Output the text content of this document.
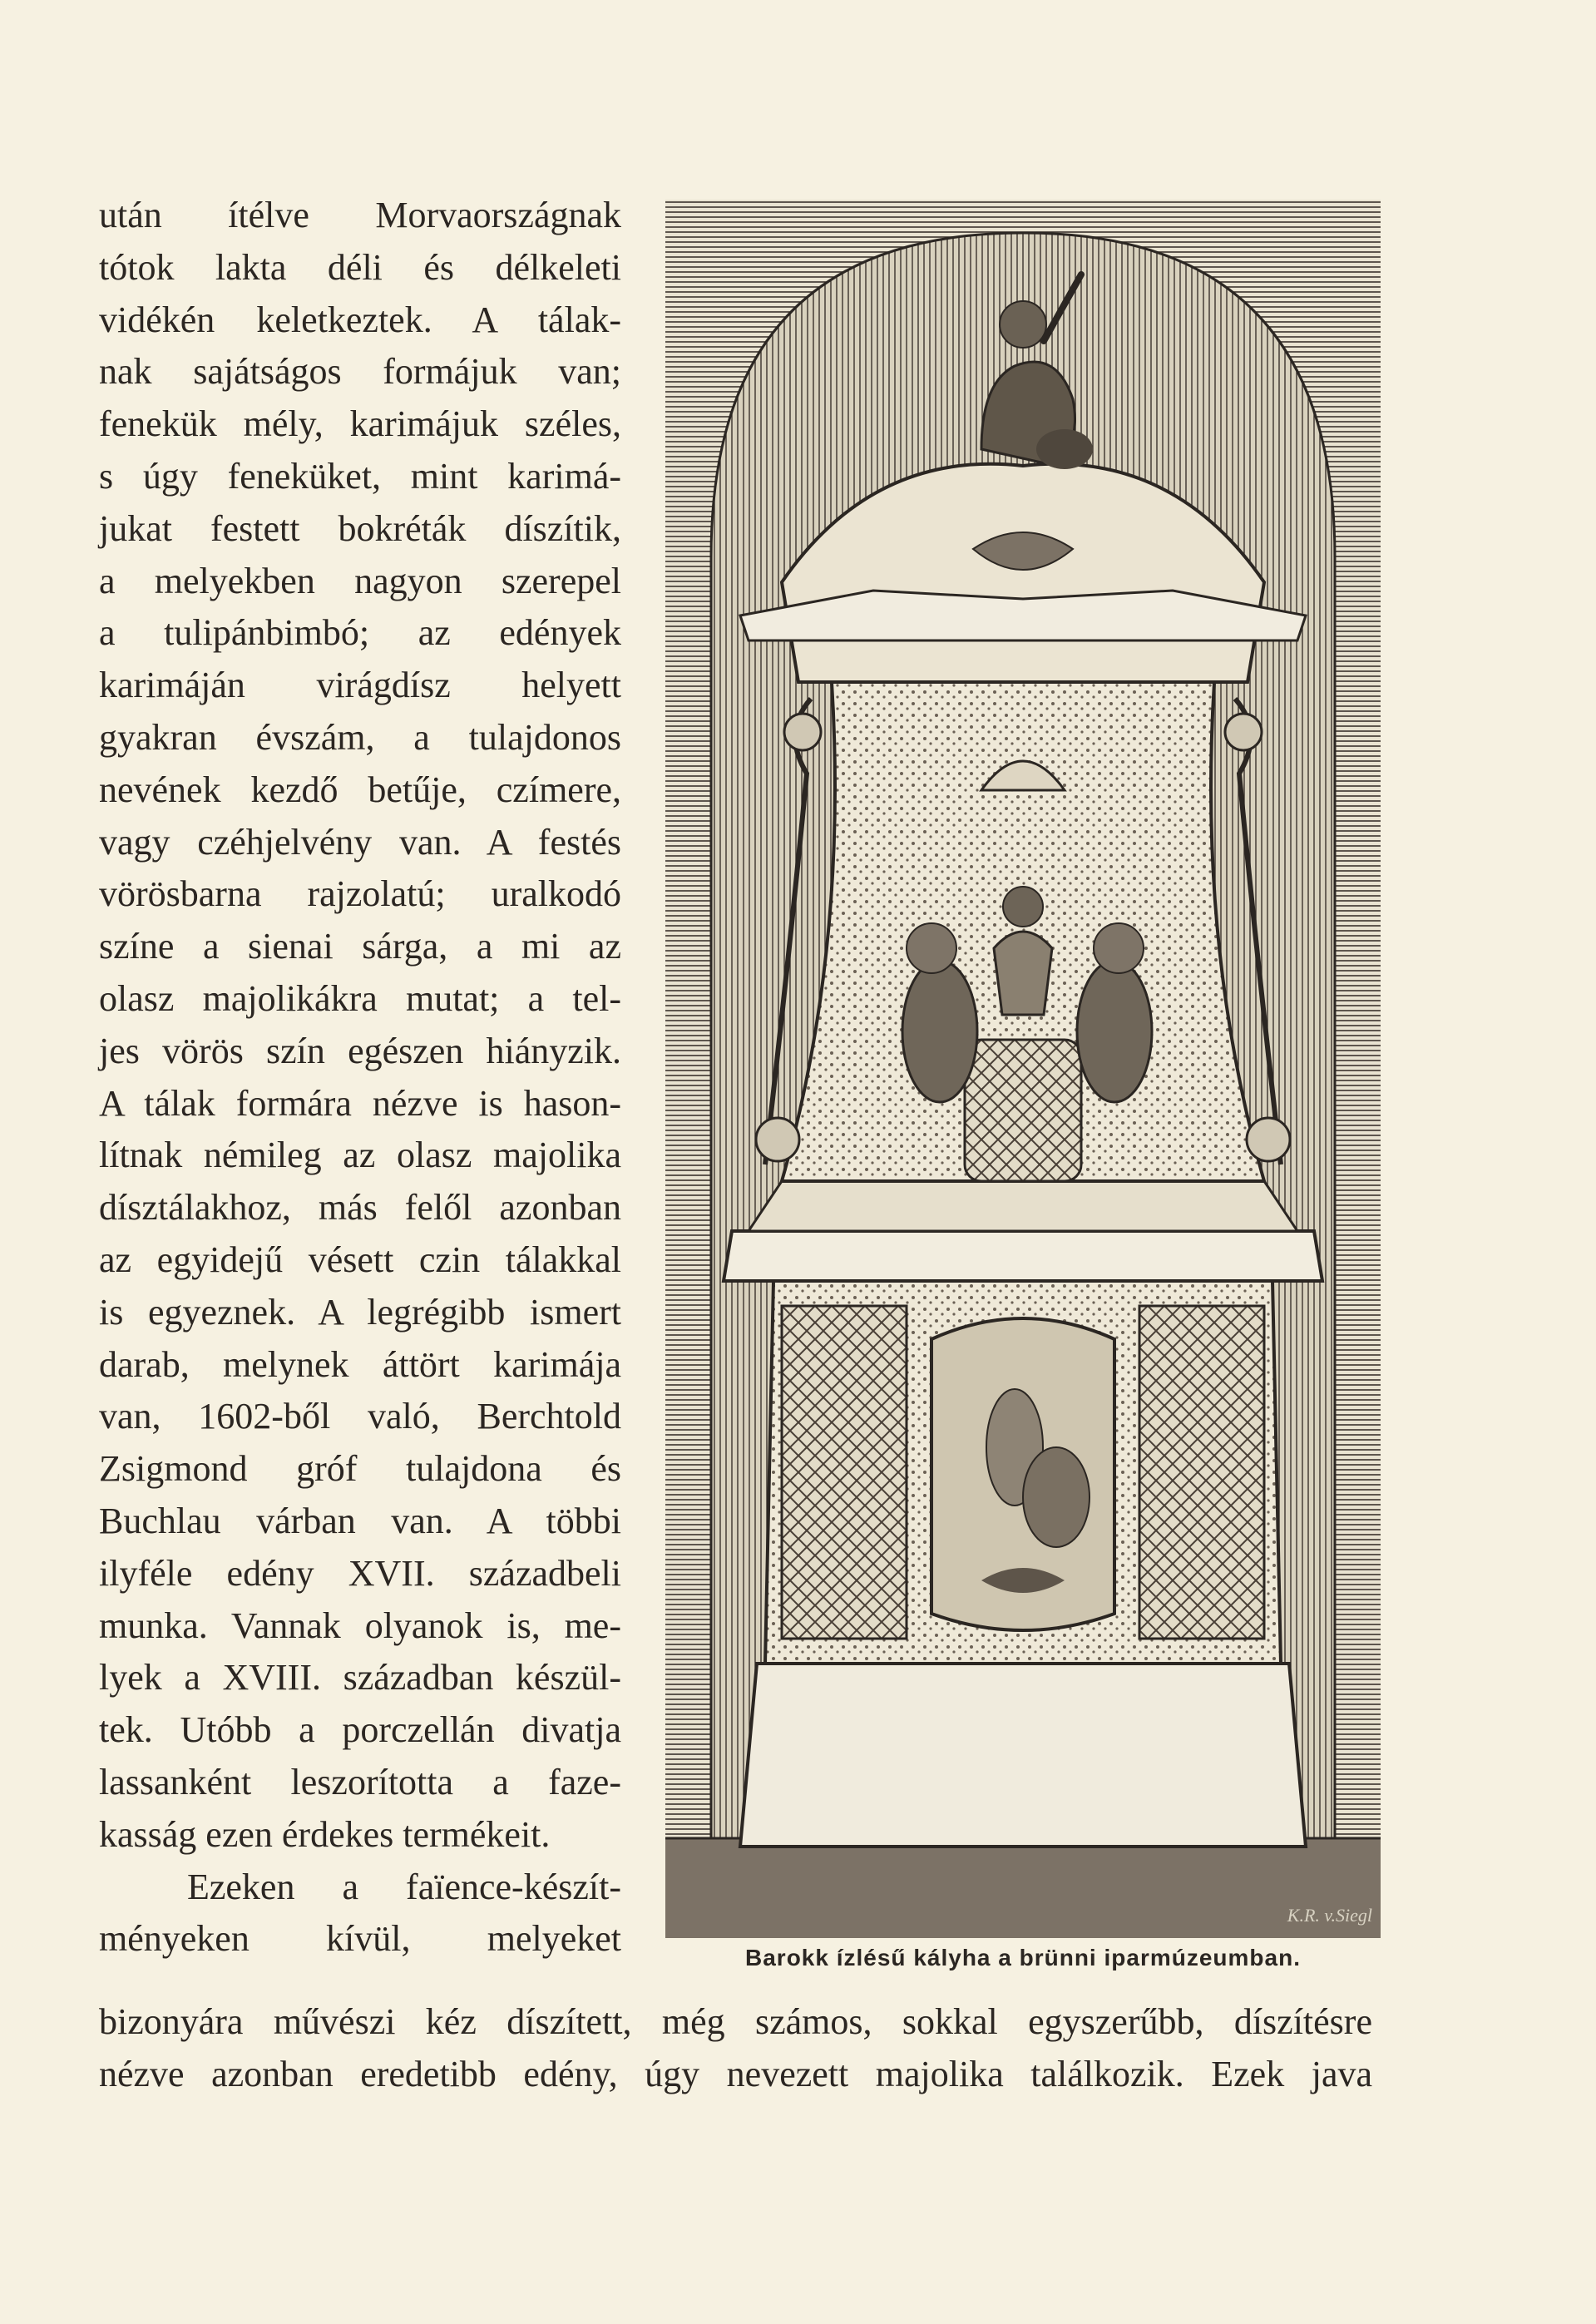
után ítélve Morvaországnak
tótok lakta déli és délkeleti
vidékén keletkeztek. A tálak-
nak sajátságos formájuk van;
fenekük mély, karimájuk széles,
s úgy feneküket, mint karimá-
jukat festett bokréták díszítik,
a melyekben nagyon szerepel
a tulipánbimbó; az edények
karimáján virágdísz helyett
gyakran évszám, a tulajdonos
nevének kezdő betűje, czímere,
vagy czéhjelvény van. A festés
vörösbarna rajzolatú; uralkodó
színe a sienai sárga, a mi az
olasz majolikákra mutat; a tel-
jes vörös szín egészen hiányzik.
A tálak formára nézve is hason-
lítnak némileg az olasz majolika
dísztálakhoz, más felől azonban
az egyidejű vésett czin tálakkal
is egyeznek. A legrégibb ismert
darab, melynek áttört karimája
van, 1602-ből való, Berchtold
Zsigmond gróf tulajdona és
Buchlau várban van. A többi
ilyféle edény XVII. századbeli
munka. Vannak olyanok is, me-
lyek a XVIII. században készül-
tek. Utóbb a porczellán divatja
lassanként leszorította a faze-
kasság ezen érdekes termékeit.
Ezeken a faïence-készít-
ményeken kívül, melyeket
bizonyára művészi kéz díszített, még számos, sokkal egyszerűbb, díszítésre
nézve azonban eredetibb edény, úgy nevezett majolika találkozik. Ezek java
K.R. v.Siegl
Barokk ízlésű kályha a brünni iparmúzeumban.
